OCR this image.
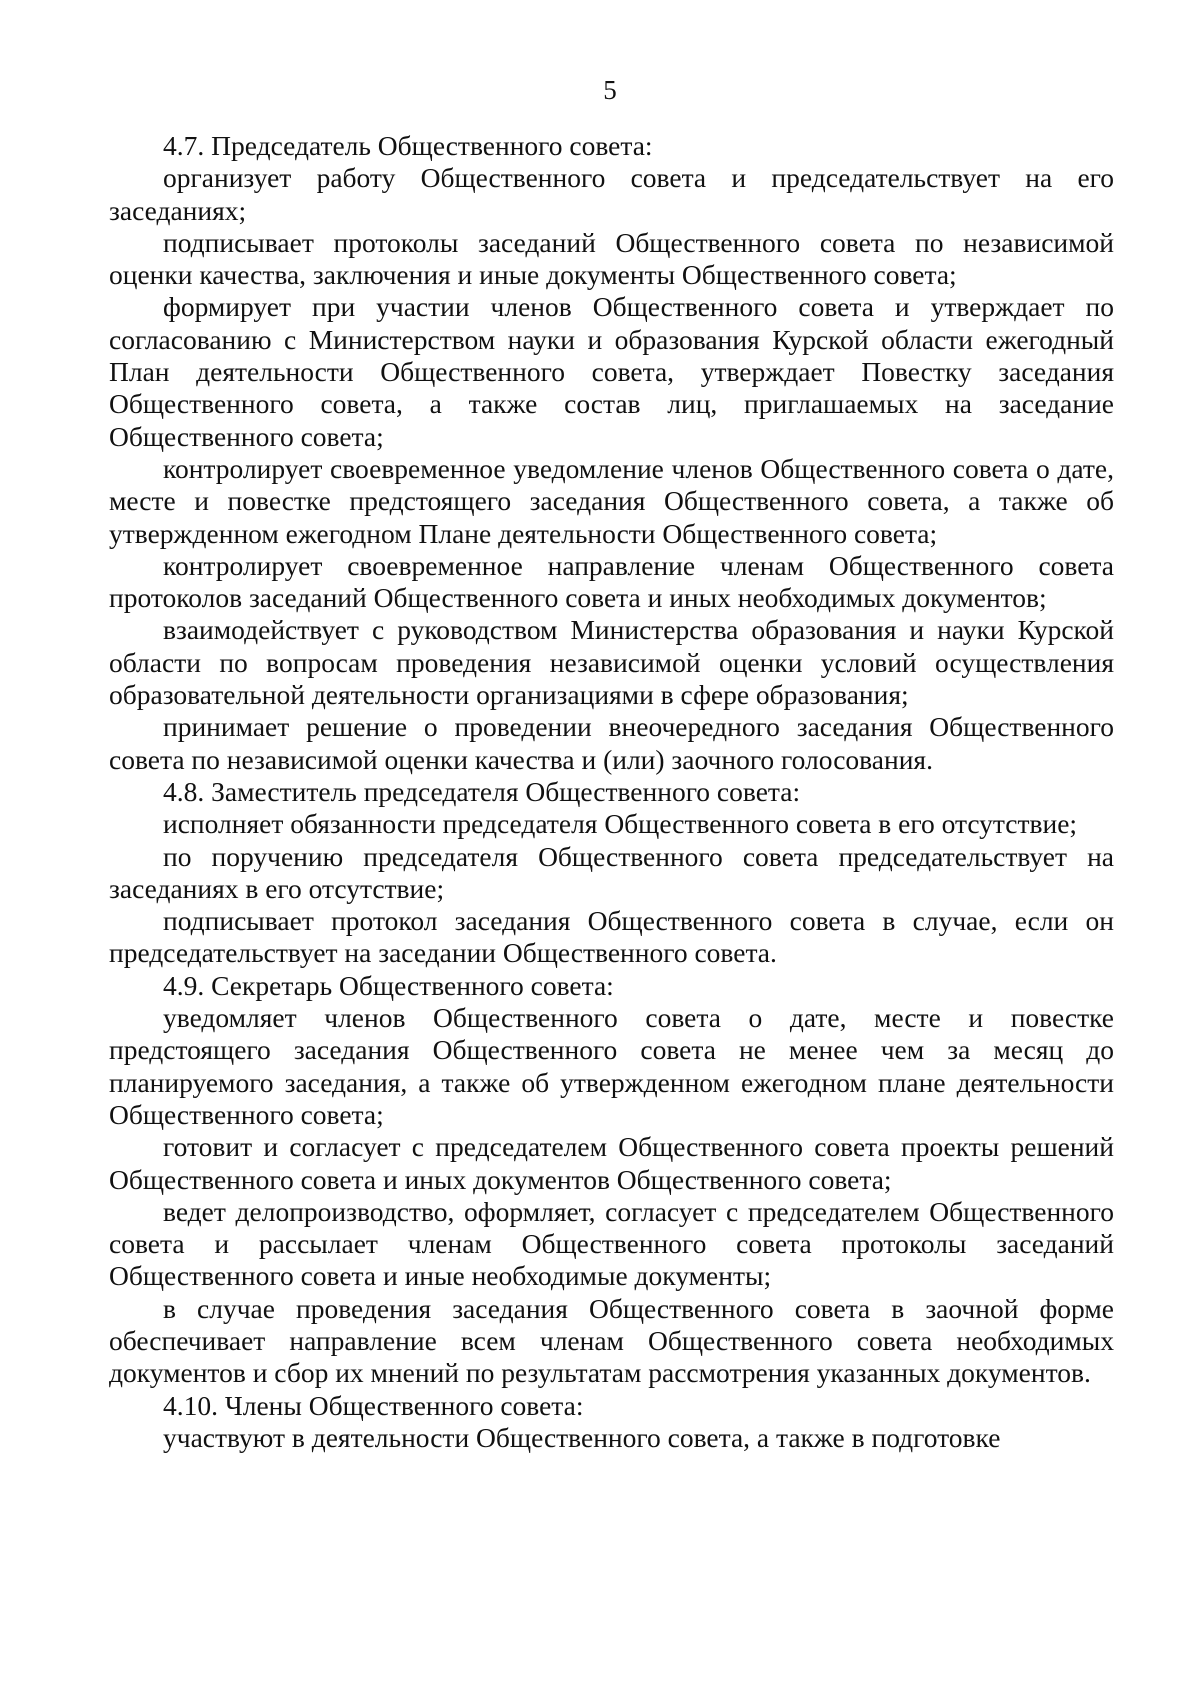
5

4.7. Председатель Общественного совета:

организует работу Общественного совета и председательствует на его заседаниях;

подписывает протоколы заседаний Общественного совета по независимой оценки качества, заключения и иные документы Общественного совета;

формирует при участии членов Общественного совета и утверждает по согласованию с Министерством науки и образования Курской области ежегодный План деятельности Общественного совета, утверждает Повестку заседания Общественного совета, а также состав лиц, приглашаемых на заседание Общественного совета;

контролирует своевременное уведомление членов Общественного совета о дате, месте и повестке предстоящего заседания Общественного совета, а также об утвержденном ежегодном Плане деятельности Общественного совета;

контролирует своевременное направление членам Общественного совета протоколов заседаний Общественного совета и иных необходимых документов;

взаимодействует с руководством Министерства образования и науки Курской области по вопросам проведения независимой оценки условий осуществления образовательной деятельности организациями в сфере образования;

принимает решение о проведении внеочередного заседания Общественного совета по независимой оценки качества и (или) заочного голосования.

4.8. Заместитель председателя Общественного совета:

исполняет обязанности председателя Общественного совета в его отсутствие;

по поручению председателя Общественного совета председательствует на заседаниях в его отсутствие;

подписывает протокол заседания Общественного совета в случае, если он председательствует на заседании Общественного совета.

4.9. Секретарь Общественного совета:

уведомляет членов Общественного совета о дате, месте и повестке предстоящего заседания Общественного совета не менее чем за месяц до планируемого заседания, а также об утвержденном ежегодном плане деятельности Общественного совета;

готовит и согласует с председателем Общественного совета проекты решений Общественного совета и иных документов Общественного совета;

ведет делопроизводство, оформляет, согласует с председателем Общественного совета и рассылает членам Общественного совета протоколы заседаний Общественного совета и иные необходимые документы;

в случае проведения заседания Общественного совета в заочной форме обеспечивает направление всем членам Общественного совета необходимых документов и сбор их мнений по результатам рассмотрения указанных документов.

4.10. Члены Общественного совета:

участвуют в деятельности Общественного совета, а также в подготовке
